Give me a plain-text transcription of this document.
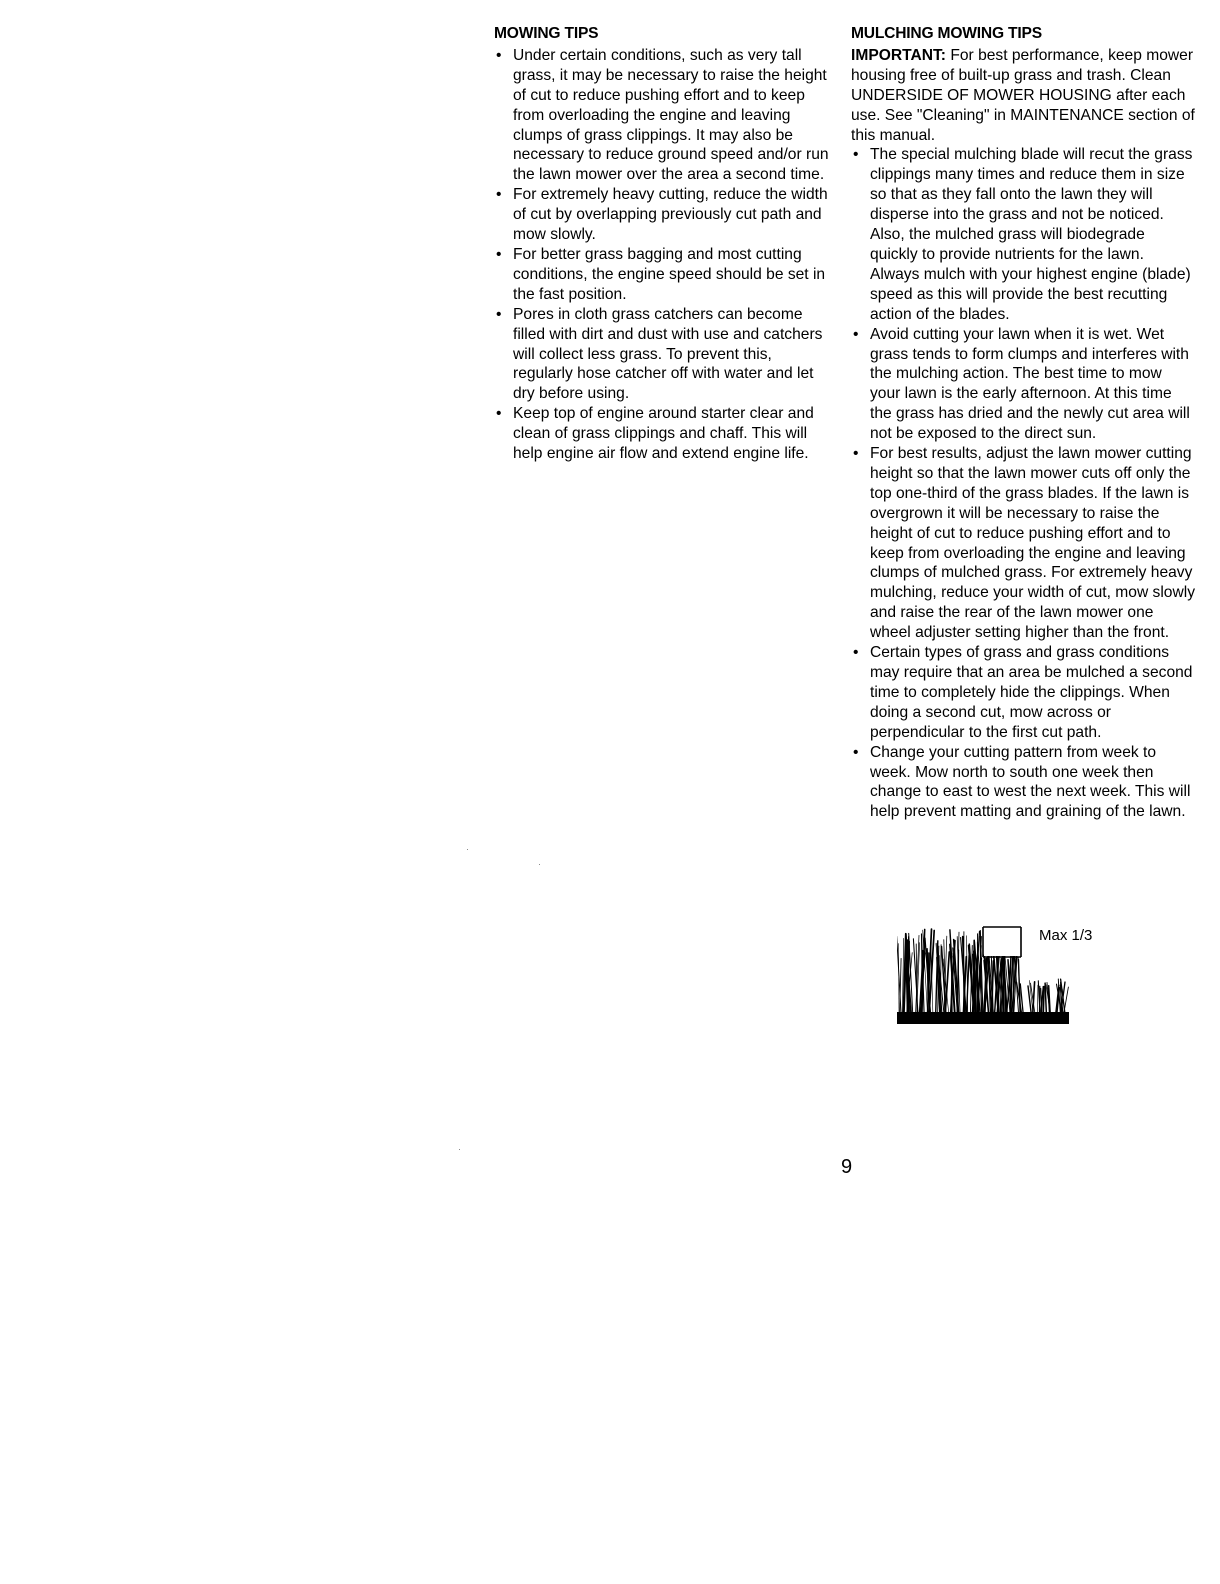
MOWING TIPS
• Under certain conditions, such as very tall grass, it may be necessary to raise the height of cut to reduce pushing effort and to keep from overloading the engine and leaving clumps of grass clippings. It may also be necessary to reduce ground speed and/or run the lawn mower over the area a second time.
• For extremely heavy cutting, reduce the width of cut by overlapping previously cut path and mow slowly.
• For better grass bagging and most cutting conditions, the engine speed should be set in the fast position.
• Pores in cloth grass catchers can become filled with dirt and dust with use and catchers will collect less grass. To prevent this, regularly hose catcher off with water and let dry before using.
• Keep top of engine around starter clear and clean of grass clippings and chaff. This will help engine air flow and extend engine life.
MULCHING MOWING TIPS

IMPORTANT: For best performance, keep mower housing free of built-up grass and trash. Clean UNDERSIDE OF MOWER HOUSING after each use. See "Cleaning" in MAINTENANCE section of this manual.

• The special mulching blade will recut the grass clippings many times and reduce them in size so that as they fall onto the lawn they will disperse into the grass and not be noticed. Also, the mulched grass will biodegrade quickly to provide nutrients for the lawn. Always mulch with your highest engine (blade) speed as this will provide the best recutting action of the blades.
• Avoid cutting your lawn when it is wet. Wet grass tends to form clumps and interferes with the mulching action. The best time to mow your lawn is the early afternoon. At this time the grass has dried and the newly cut area will not be exposed to the direct sun.
• For best results, adjust the lawn mower cutting height so that the lawn mower cuts off only the top one-third of the grass blades. If the lawn is overgrown it will be necessary to raise the height of cut to reduce pushing effort and to keep from overloading the engine and leaving clumps of mulched grass. For extremely heavy mulching, reduce your width of cut, mow slowly and raise the rear of the lawn mower one wheel adjuster setting higher than the front.
• Certain types of grass and grass conditions may require that an area be mulched a second time to completely hide the clippings. When doing a second cut, mow across or perpendicular to the first cut path.
• Change your cutting pattern from week to week. Mow north to south one week then change to east to west the next week. This will help prevent matting and graining of the lawn.
Max 1/3
9
